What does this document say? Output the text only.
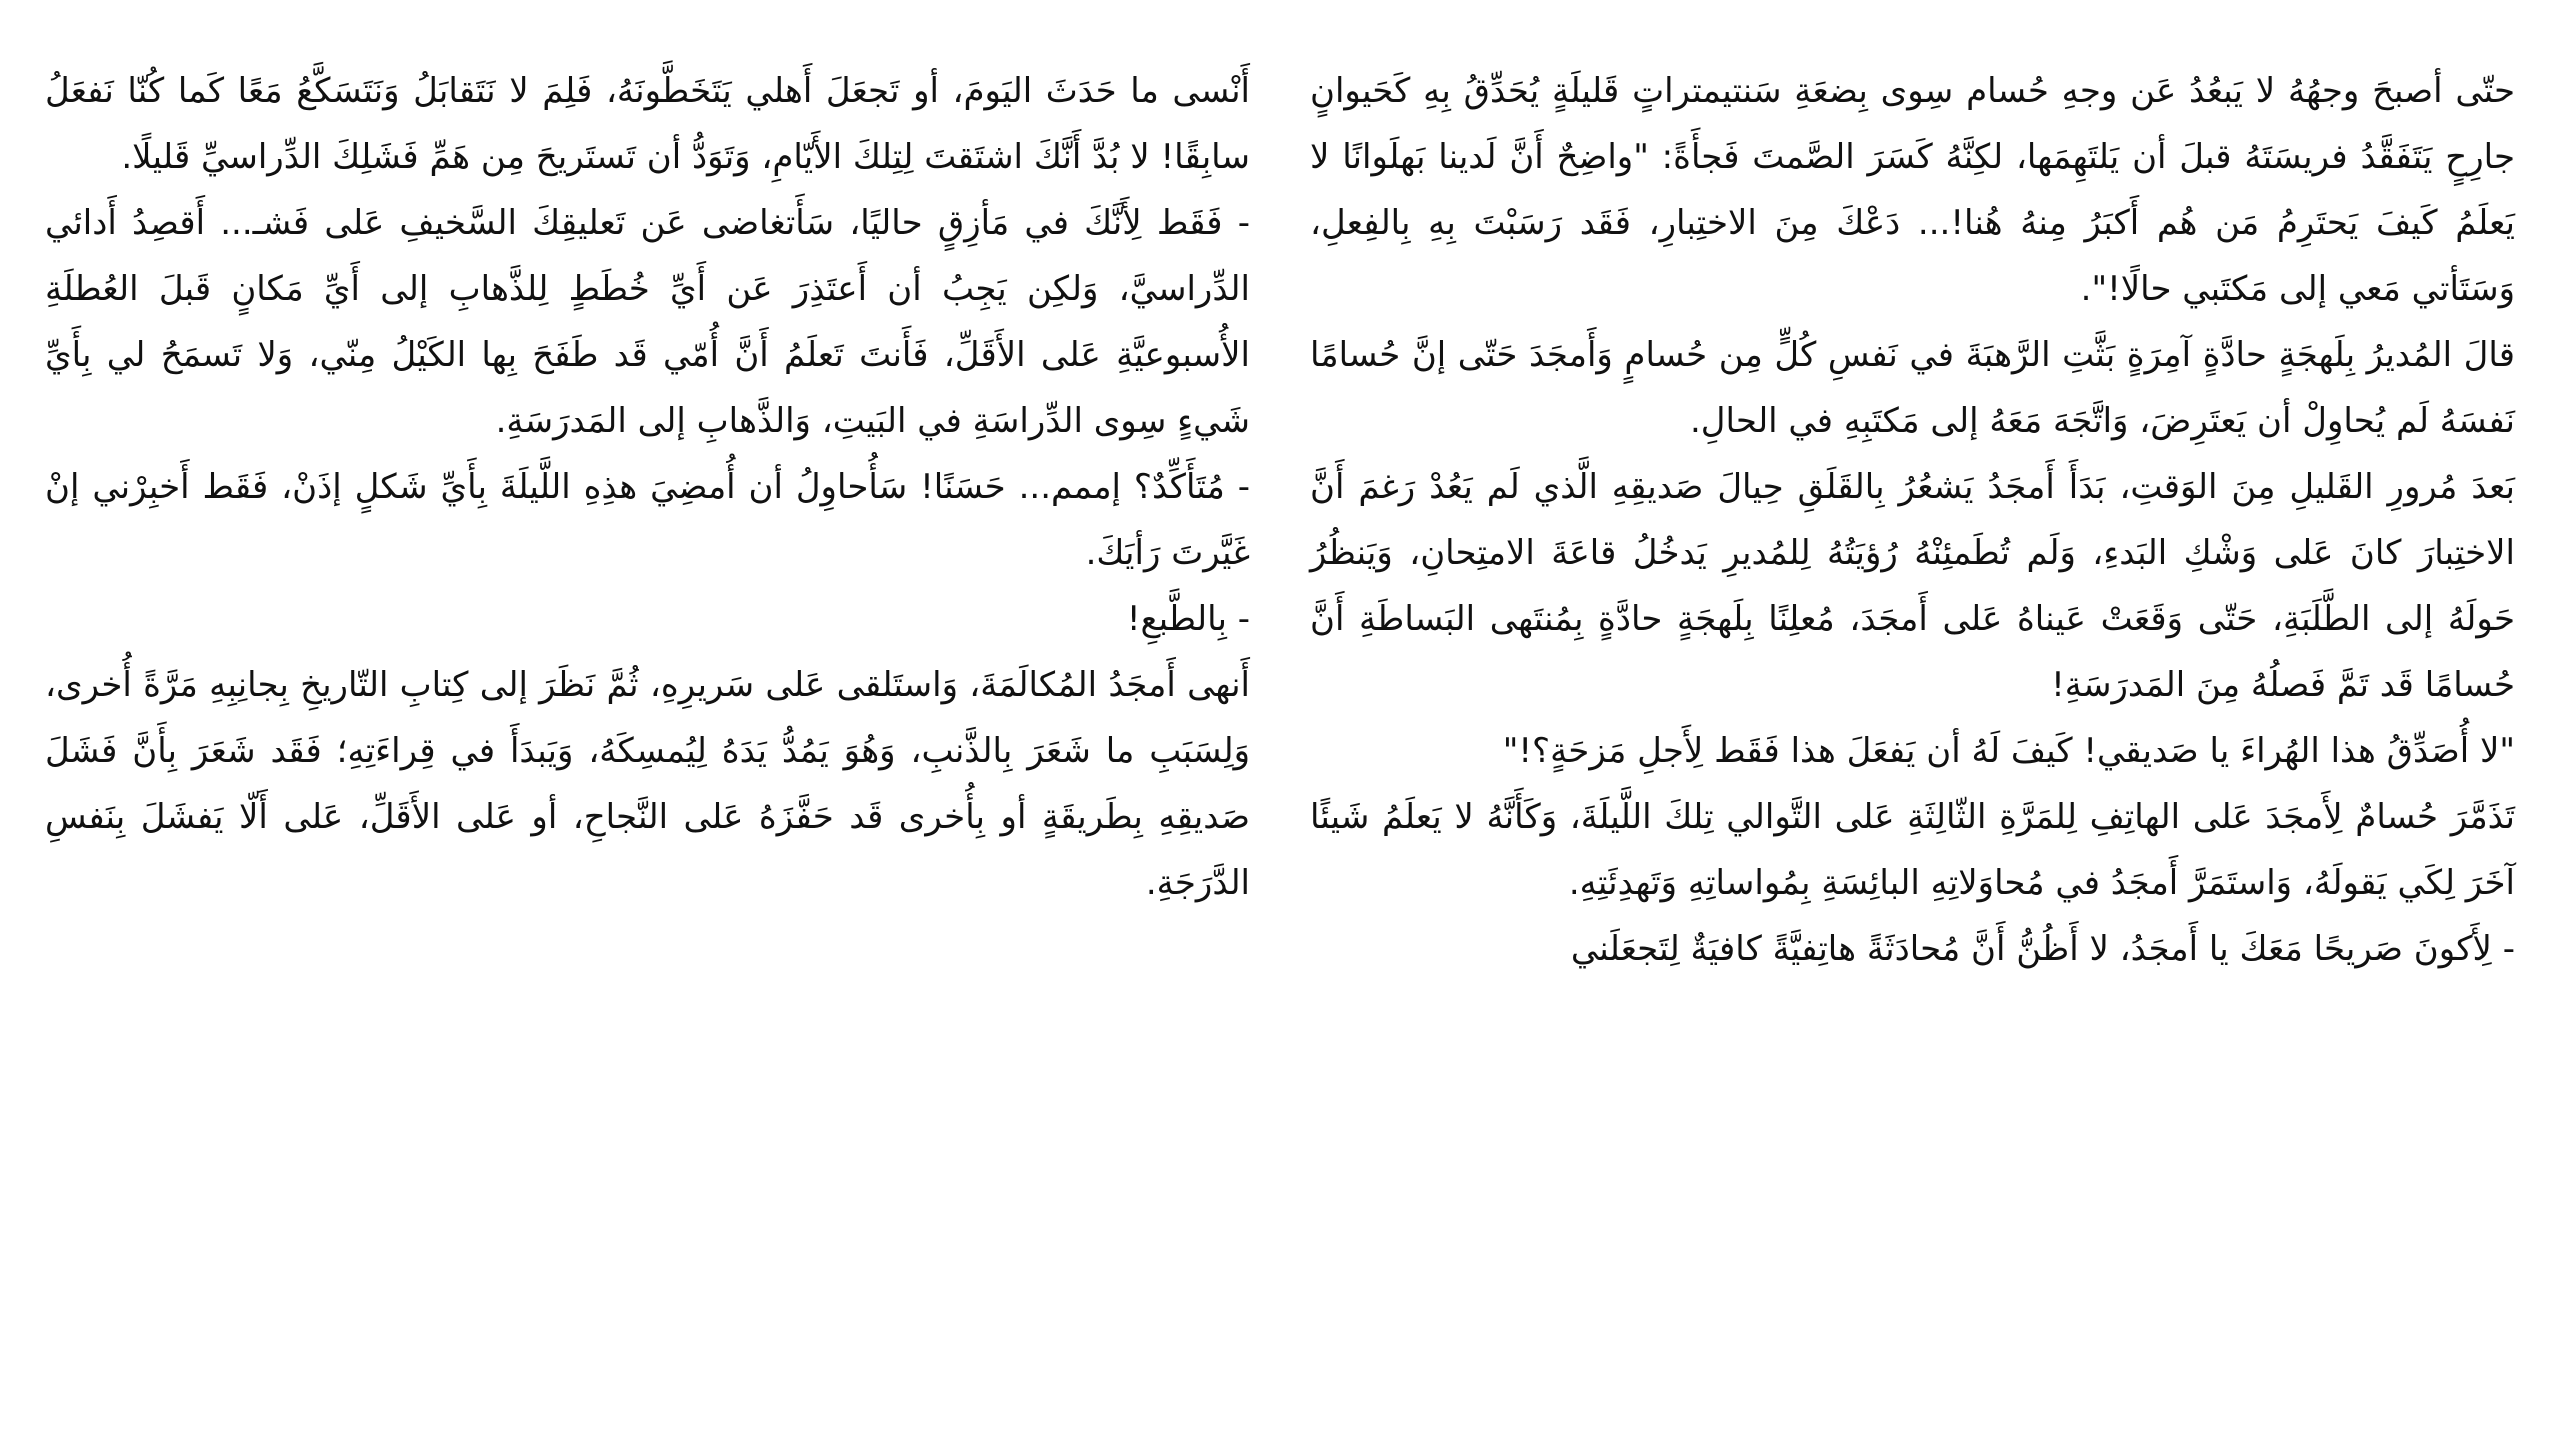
حتّى أصبحَ وجهُهُ لا يَبعُدُ عَن وجهِ حُسام سِوى بِضعَةِ سَنتيمتراتٍ قَليلَةٍ يُحَدِّقُ بِهِ كَحَيوانٍ جارِحٍ يَتَفَقَّدُ فريسَتَهُ قبلَ أن يَلتَهِمَها، لكِنَّهُ كَسَرَ الصَّمتَ فَجأَةً: "واضِحٌ أَنَّ لَدينا بَهلَوانًا لا يَعلَمُ كَيفَ يَحتَرِمُ مَن هُم أَكبَرُ مِنهُ هُنا!... دَعْكَ مِنَ الاختِبارِ، فَقَد رَسَبْتَ بِهِ بِالفِعلِ، وَسَتَأتي مَعي إلى مَكتَبي حالًا!".

قالَ المُديرُ بِلَهجَةٍ حادَّةٍ آمِرَةٍ بَثَّتِ الرَّهبَةَ في نَفسِ كُلٍّ مِن حُسامٍ وَأَمجَدَ حَتّى إنَّ حُسامًا نَفسَهُ لَم يُحاوِلْ أن يَعتَرِضَ، وَاتَّجَهَ مَعَهُ إلى مَكتَبِهِ في الحالِ.

بَعدَ مُرورِ القَليلِ مِنَ الوَقتِ، بَدَأَ أَمجَدُ يَشعُرُ بِالقَلَقِ حِيالَ صَديقِهِ الَّذي لَم يَعُدْ رَغمَ أَنَّ الاختِبارَ كانَ عَلى وَشْكِ البَدءِ، وَلَم تُطَمئِنْهُ رُؤيَتُهُ لِلمُديرِ يَدخُلُ قاعَةَ الامتِحانِ، وَيَنظُرُ حَولَهُ إلى الطَّلَبَةِ، حَتّى وَقَعَتْ عَيناهُ عَلى أَمجَدَ، مُعلِنًا بِلَهجَةٍ حادَّةٍ بِمُنتَهى البَساطَةِ أَنَّ حُسامًا قَد تَمَّ فَصلُهُ مِنَ المَدرَسَةِ!

"لا أُصَدِّقُ هذا الهُراءَ يا صَديقي! كَيفَ لَهُ أن يَفعَلَ هذا فَقَط لِأَجلِ مَزحَةٍ؟!"

تَذَمَّرَ حُسامٌ لِأَمجَدَ عَلى الهاتِفِ لِلمَرَّةِ الثّالِثَةِ عَلى التَّوالي تِلكَ اللَّيلَةَ، وَكَأَنَّهُ لا يَعلَمُ شَيئًا آخَرَ لِكَي يَقولَهُ، وَاستَمَرَّ أَمجَدُ في مُحاوَلاتِهِ البائِسَةِ بِمُواساتِهِ وَتَهدِئَتِهِ.

- لِأَكونَ صَريحًا مَعَكَ يا أَمجَدُ، لا أَظُنُّ أَنَّ مُحادَثَةً هاتِفيَّةً كافيَةٌ لِتَجعَلَني

أَنْسى ما حَدَثَ اليَومَ، أو تَجعَلَ أَهلي يَتَخَطَّونَهُ، فَلِمَ لا نَتَقابَلُ وَنَتَسَكَّعُ مَعًا كَما كُنّا نَفعَلُ سابِقًا! لا بُدَّ أَنَّكَ اشتَقتَ لِتِلكَ الأَيّامِ، وَتَوَدُّ أن تَستَريحَ مِن هَمِّ فَشَلِكَ الدِّراسيِّ قَليلًا.

- فَقَط لِأَنَّكَ في مَأزِقٍ حاليًا، سَأَتغاضى عَن تَعليقِكَ السَّخيفِ عَلى فَشـ... أَقصِدُ أَدائي الدِّراسيَّ، وَلكِن يَجِبُ أن أَعتَذِرَ عَن أَيِّ خُطَطٍ لِلذَّهابِ إلى أَيِّ مَكانٍ قَبلَ العُطلَةِ الأُسبوعيَّةِ عَلى الأَقَلِّ، فَأَنتَ تَعلَمُ أَنَّ أُمّي قَد طَفَحَ بِها الكَيْلُ مِنّي، وَلا تَسمَحُ لي بِأَيِّ شَيءٍ سِوى الدِّراسَةِ في البَيتِ، وَالذَّهابِ إلى المَدرَسَةِ.

- مُتَأَكِّدٌ؟ إممم... حَسَنًا! سَأُحاوِلُ أن أُمضِيَ هذِهِ اللَّيلَةَ بِأَيِّ شَكلٍ إذَنْ، فَقَط أَخبِرْني إنْ غَيَّرتَ رَأيَكَ.

- بِالطَّبعِ!

أَنهى أَمجَدُ المُكالَمَةَ، وَاستَلقى عَلى سَريرِهِ، ثُمَّ نَظَرَ إلى كِتابِ التّاريخِ بِجانِبِهِ مَرَّةً أُخرى، وَلِسَبَبِ ما شَعَرَ بِالذَّنبِ، وَهُوَ يَمُدُّ يَدَهُ لِيُمسِكَهُ، وَيَبدَأَ في قِراءَتِهِ؛ فَقَد شَعَرَ بِأَنَّ فَشَلَ صَديقِهِ بِطَريقَةٍ أو بِأُخرى قَد حَفَّزَهُ عَلى النَّجاحِ، أو عَلى الأَقَلِّ، عَلى أَلّا يَفشَلَ بِنَفسِ الدَّرَجَةِ.
